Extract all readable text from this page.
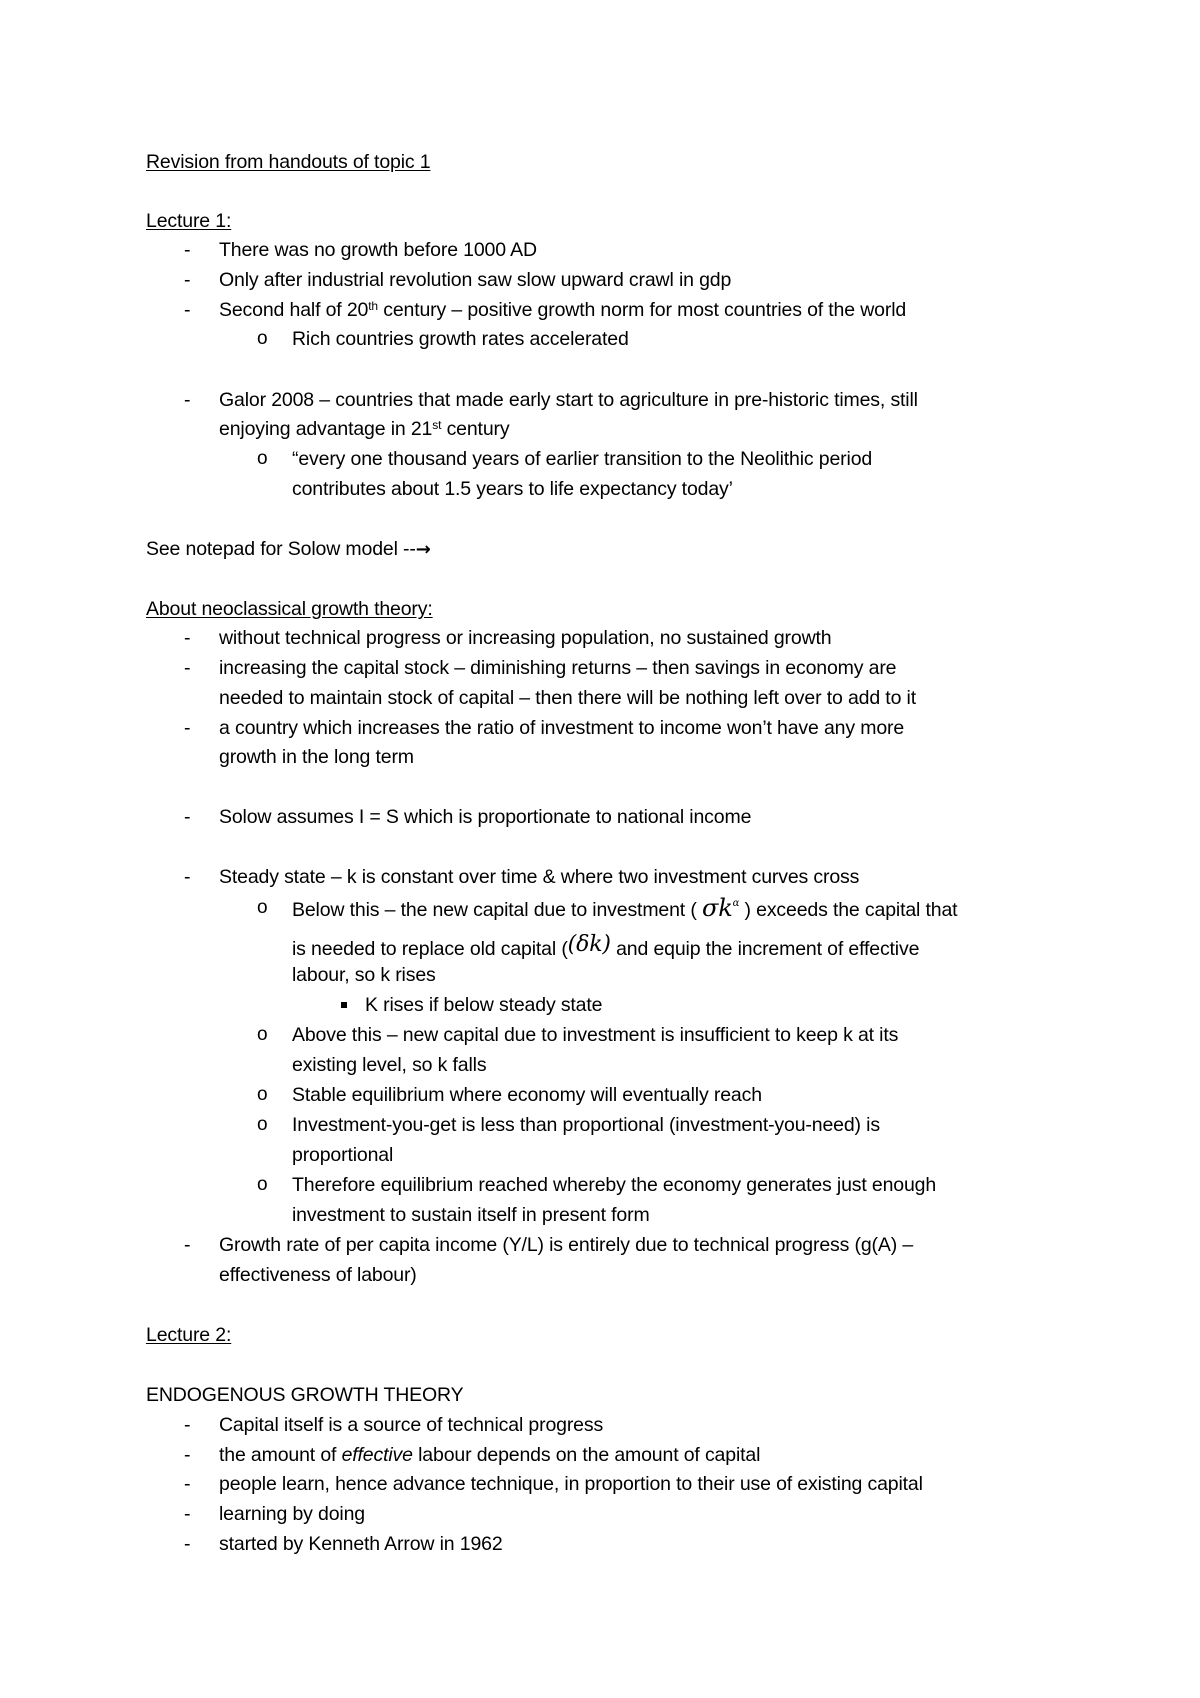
Revision from handouts of topic 1
Lecture 1:
- There was no growth before 1000 AD
- Only after industrial revolution saw slow upward crawl in gdp
- Second half of 20th century – positive growth norm for most countries of the world
o Rich countries growth rates accelerated
- Galor 2008 – countries that made early start to agriculture in pre-historic times, still
enjoying advantage in 21st century
o “every one thousand years of earlier transition to the Neolithic period
contributes about 1.5 years to life expectancy today’
See notepad for Solow model --→
About neoclassical growth theory:
- without technical progress or increasing population, no sustained growth
- increasing the capital stock – diminishing returns – then savings in economy are
needed to maintain stock of capital – then there will be nothing left over to add to it
- a country which increases the ratio of investment to income won’t have any more
growth in the long term
- Solow assumes I = S which is proportionate to national income
- Steady state – k is constant over time & where two investment curves cross
o Below this – the new capital due to investment ( $\sigma k^\alpha$ ) exceeds the capital that
is needed to replace old capital ((δk) and equip the increment of effective
labour, so k rises
K rises if below steady state
o Above this – new capital due to investment is insufficient to keep k at its
existing level, so k falls
o Stable equilibrium where economy will eventually reach
o Investment-you-get is less than proportional (investment-you-need) is
proportional
o Therefore equilibrium reached whereby the economy generates just enough
investment to sustain itself in present form
- Growth rate of per capita income (Y/L) is entirely due to technical progress (g(A) –
effectiveness of labour)
Lecture 2:
ENDOGENOUS GROWTH THEORY
- Capital itself is a source of technical progress
- the amount of effective labour depends on the amount of capital
- people learn, hence advance technique, in proportion to their use of existing capital
- learning by doing
- started by Kenneth Arrow in 1962
